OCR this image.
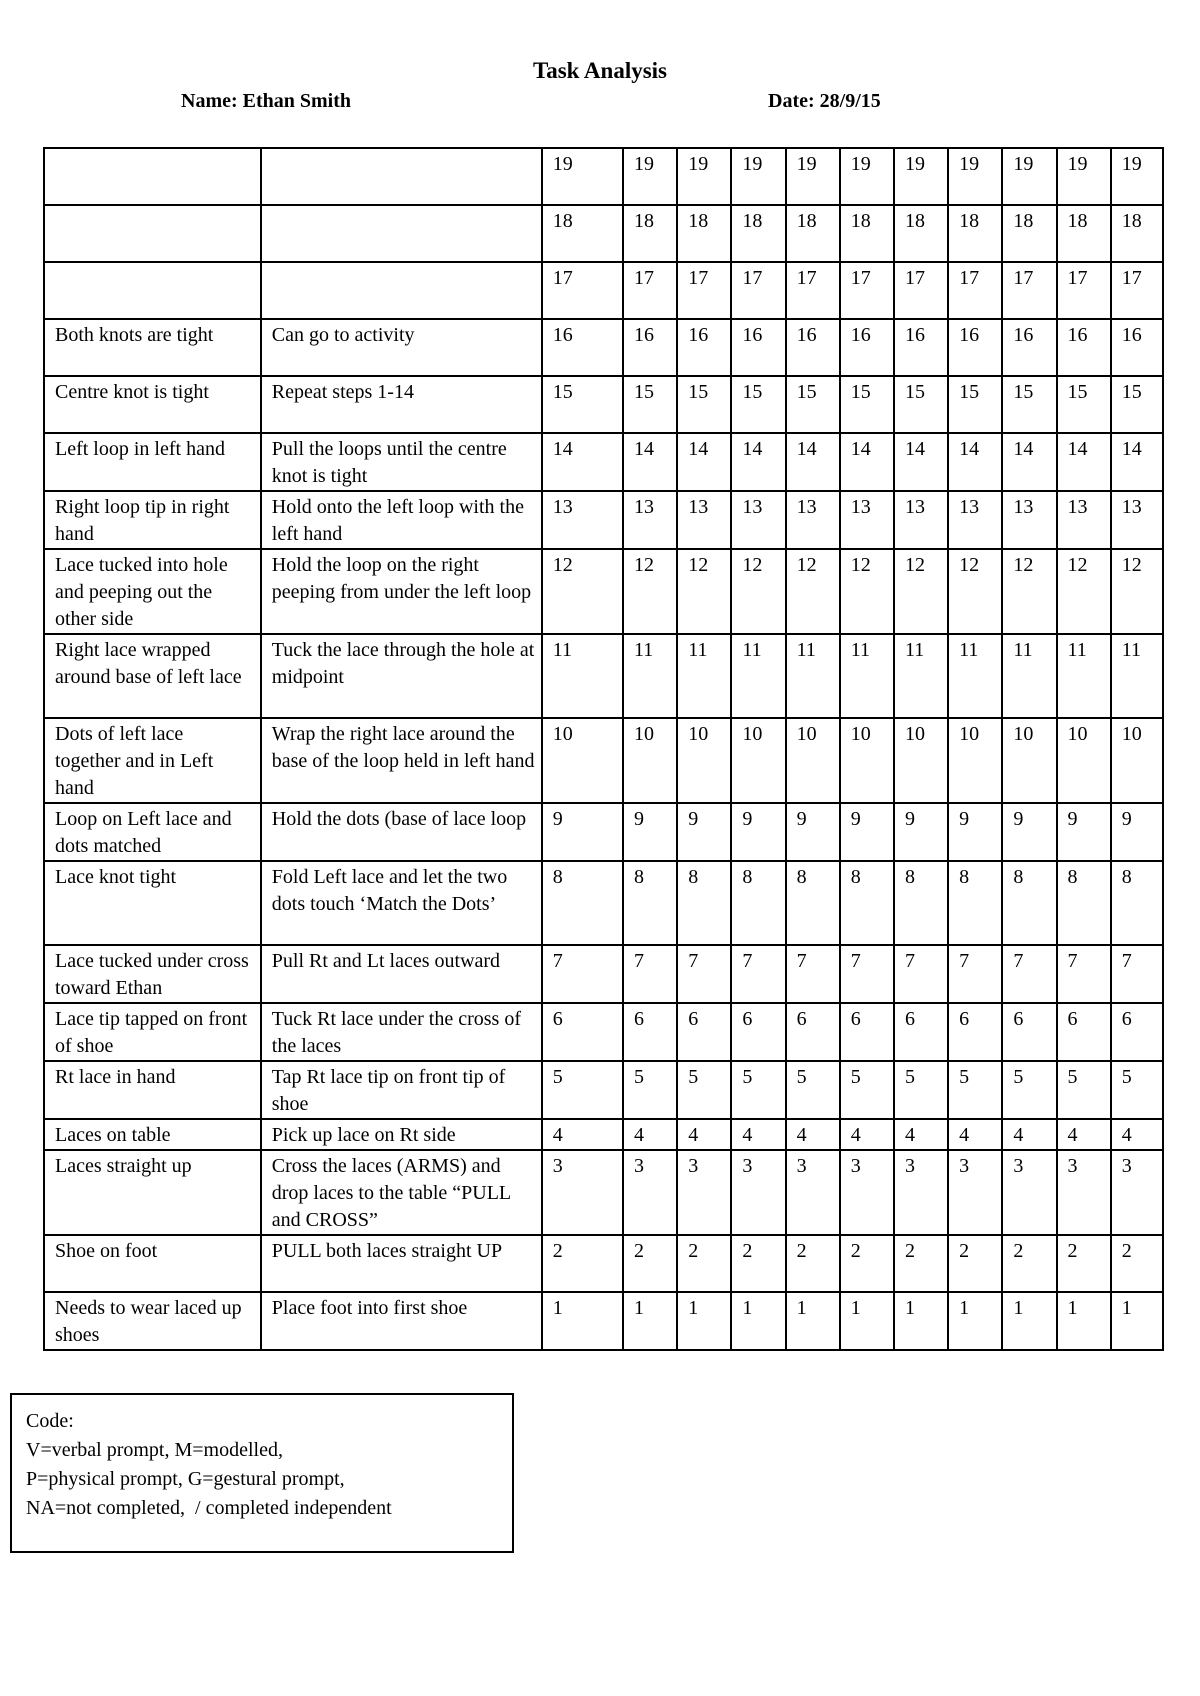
Task Analysis
Name: Ethan Smith	Date: 28/9/15
		19	19	19	19	19	19	19	19	19	19	19
		18	18	18	18	18	18	18	18	18	18	18
		17	17	17	17	17	17	17	17	17	17	17
Both knots are tight	Can go to activity	16	16	16	16	16	16	16	16	16	16	16
Centre knot is tight	Repeat steps 1-14	15	15	15	15	15	15	15	15	15	15	15
Left loop in left hand	Pull the loops until the centre knot is tight	14	14	14	14	14	14	14	14	14	14	14
Right loop tip in right hand	Hold onto the left loop with the left hand	13	13	13	13	13	13	13	13	13	13	13
Lace tucked into hole and peeping out the other side	Hold the loop on the right peeping from under the left loop	12	12	12	12	12	12	12	12	12	12	12
Right lace wrapped around base of left lace	Tuck the lace through the hole at midpoint	11	11	11	11	11	11	11	11	11	11	11
Dots of left lace together and in Left hand	Wrap the right lace around the base of the loop held in left hand	10	10	10	10	10	10	10	10	10	10	10
Loop on Left lace and dots matched	Hold the dots (base of lace loop	9	9	9	9	9	9	9	9	9	9	9
Lace knot tight	Fold Left lace and let the two dots touch ‘Match the Dots’	8	8	8	8	8	8	8	8	8	8	8
Lace tucked under cross toward Ethan	Pull Rt and Lt laces outward	7	7	7	7	7	7	7	7	7	7	7
Lace tip tapped on front of shoe	Tuck Rt lace under the cross of the laces	6	6	6	6	6	6	6	6	6	6	6
Rt lace in hand	Tap Rt lace tip on front tip of shoe	5	5	5	5	5	5	5	5	5	5	5
Laces on table	Pick up lace on Rt side	4	4	4	4	4	4	4	4	4	4	4
Laces straight up	Cross the laces (ARMS) and drop laces to the table “PULL and CROSS”	3	3	3	3	3	3	3	3	3	3	3
Shoe on foot	PULL both laces straight UP	2	2	2	2	2	2	2	2	2	2	2
Needs to wear laced up shoes	Place foot into first shoe	1	1	1	1	1	1	1	1	1	1	1
Code:
V=verbal prompt, M=modelled,
P=physical prompt, G=gestural prompt,
NA=not completed,  / completed independent
